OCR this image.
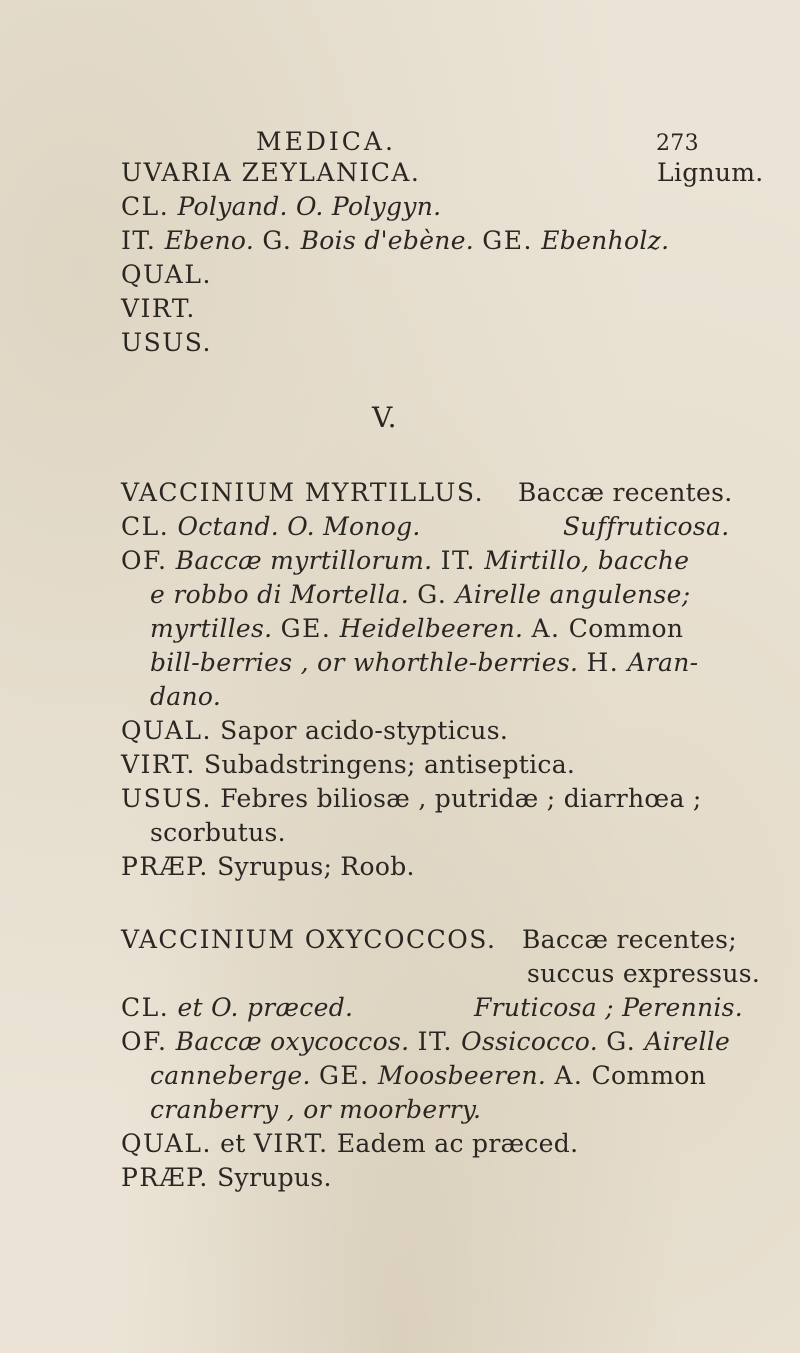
MEDICA.	273
UVARIA ZEYLANICA.	Lignum.
CL. Polyand. O. Polygyn.
IT. Ebeno. G. Bois d'ebène. GE. Ebenholz.
QUAL.
VIRT.
USUS.
V.
VACCINIUM MYRTILLUS. Baccæ recentes.
CL. Octand. O. Monog.	Suffruticosa.
OF. Baccæ myrtillorum. IT. Mirtillo, bacche
e robbo di Mortella. G. Airelle angulense;
myrtilles. GE. Heidelbeeren. A. Common
bill-berries , or whorthle-berries. H. Aran-
dano.
QUAL. Sapor acido-stypticus.
VIRT. Subadstringens; antiseptica.
USUS. Febres biliosæ , putridæ ; diarrhœa ;
scorbutus.
PRÆP. Syrupus; Roob.
VACCINIUM OXYCOCCOS. Baccæ recentes;
succus expressus.
CL. et O. præced.	Fruticosa ; Perennis.
OF. Baccæ oxycoccos. IT. Ossicocco. G. Airelle
canneberge. GE. Moosbeeren. A. Common
cranberry , or moorberry.
QUAL. et VIRT. Eadem ac præced.
PRÆP. Syrupus.
